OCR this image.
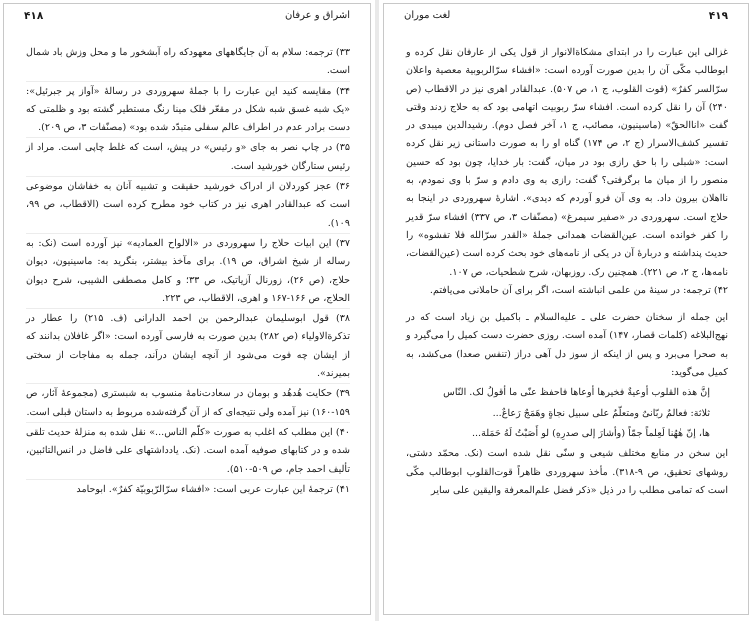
۴۱۸	اشراق و عرفان

۳۳) ترجمه: سلام به آن جایگاههای معهودکه راه آبشخور ما و محل وزش باد شمال است.

۳۴) مقایسه کنید این عبارت را با جملهٔ سهروردی در رسالهٔ «آواز پر جبرئیل»: «یک شبه غسق شبه شکل در مقعّر فلک مینا رنگ مستطیر گشته بود و ظلمتی که دست برادر عدم در اطراف عالم سفلی متبدّد شده بود» (مصنّفات ۳، ص ۲۰۹).

۳۵) در چاپ نصر به جای «و رئیس» در پیش، است که غلط چاپی است. مراد از رئیس ستارگان خورشید است.

۳۶) عجز کوردلان از ادراک خورشید حقیقت و تشبیه آنان به خفاشان موضوعی است که عبدالقادر اهری نیز در کتاب خود مطرح کرده است (الاقطاب، ص ۹۹، ۱۰۹).

۳۷) این ابیات حلاج را سهروردی در «الالواح العمادیه» نیز آورده است (نک: به رساله از شیخ اشراق، ص ۱۹). برای مآخذ بیشتر، بنگرید به: ماسینیون، دیوان حلاج، (ص ۲۶)، زورنال آزیاتیک، ص ۳۳؛ و کامل مصطفی الشیبی، شرح دیوان الحلاج، ص ۱۶۶-۱۶۷ و اهری، الاقطاب، ص ۲۲۳.

۳۸) قول ابوسلیمان عبدالرحمن بن احمد الدارانی (ف. ۲۱۵) را عطار در تذکرةالاولیاء (ص ۲۸۲) بدین صورت به فارسی آورده است: «اگر غافلان بدانند که از ایشان چه فوت می‌شود از آنچه ایشان دراَند، جمله به مفاجات از سختی بمیرند».

۳۹) حکایت هُدهُد و بومان در سعادت‌نامهٔ منسوب به شبستری (مجموعهٔ آثار، ص ۱۵۹-۱۶۰) نیز آمده ولی نتیجه‌ای که از آن گرفته‌شده مربوط به داستان قبلی است.

۴۰) این مطلب که اغلب به صورت «کلّم الناس...» نقل شده به منزلهٔ حدیث تلقی شده و در کتابهای صوفیه آمده است. (نک. یادداشتهای علی فاضل در انس‌التائبین، تألیف احمد جام، ص ۵۰۹-۵۱۰).

۴۱) ترجمهٔ این عبارت عربی است: «افشاء سرّالرّبوبیّة کفرٌ». ابوحامد

۴۱۹
لغت موران

غزالی این عبارت را در ابتدای مشکاةالانوار از قول یکی از عارفان نقل کرده و ابوطالب مکّی آن را بدین صورت آورده است: «افشاء سرّالربوبیة معصیة واعلان سرّالسر کفرٌ» (قوت القلوب، ج ۱، ص ۵۰۷). عبدالقادر اهری نیز در الاقطاب (ص ۲۴۰) آن را نقل کرده است. افشاء سرّ ربوبیت اتهامی بود که به حلاج زدند وقتی گفت «اناالحقّ» (ماسینیون، مصائب، ج ۱، آخر فصل دوم). رشیدالدین میبدی در تفسیر کشف‌الاسرار (ج ۲، ص ۱۷۴) گناه او را به صورت داستانی زیر نقل کرده است: «شبلی را با حق رازی بود در میان، گفت: بار خدایا، چون بود که حسین منصور را از میان ما برگرفتی؟ گفت: رازی به وی دادم و سرّ با وی نمودم، به ناا‌هلان بیرون داد. به وی آن فرو آوردم که دیدی». اشارهٔ سهروردی در اینجا به حلاج است. سهروردی در «صفیر سیمرغ» (مصنّفات ۳، ص ۳۳۷) افشاء سرّ قدیر را کفر خوانده است. عین‌القضات همدانی جملهٔ «القدر سرّالله فلا تفشوه» را حدیث پنداشته و دربارهٔ آن در یکی از نامه‌های خود بحث کرده است (عین‌القضات، نامه‌ها، ج ۲، ص ۲۲۱). همچنین رک. روزبهان، شرح شطحیات، ص ۱۰۷.

۴۲) ترجمه: در سینهٔ من علمی انباشته است، اگر برای آن حاملانی می‌یافتم.

این جمله از سخنان حضرت علی ـ علیه‌السلام ـ باکمیل بن زیاد است که در نهج‌البلاغه (کلمات قصار، ۱۴۷) آمده است. روزی حضرت دست کمیل را می‌گیرد و به صحرا می‌برد و پس از اینکه از سوز دل آهی دراز (تنفس صعدا) می‌کشد، به کمیل می‌گوید:

إنَّ هذه القلوب أوعیةٌ فخیرها أوعاها فاحفظ عنّی ما أقولُ لک. النّاس

ثلاثة: فعالمٌ ربّانیٌ ومتعلّمٌ علی سبیل نجاةٍ وهَمَجٌ رَعاعٌ...

ها، إنّ هٰهُنا لَعِلماً جمّاً (وأشارَ إلی صدرِهِ) لو أَصَبْتُ لَهُ حَمَلة...

این سخن در منابع مختلف شیعی و سنّی نقل شده است (نک. محمّد دشتی، روشهای تحقیق، ص ۹-۳۱۸). مأخذ سهروردی ظاهراً قوت‌القلوب ابوطالب مکّی است که تمامی مطلب را در ذیل «ذکر فضل علم‌المعرفة والیقین علی سایر
